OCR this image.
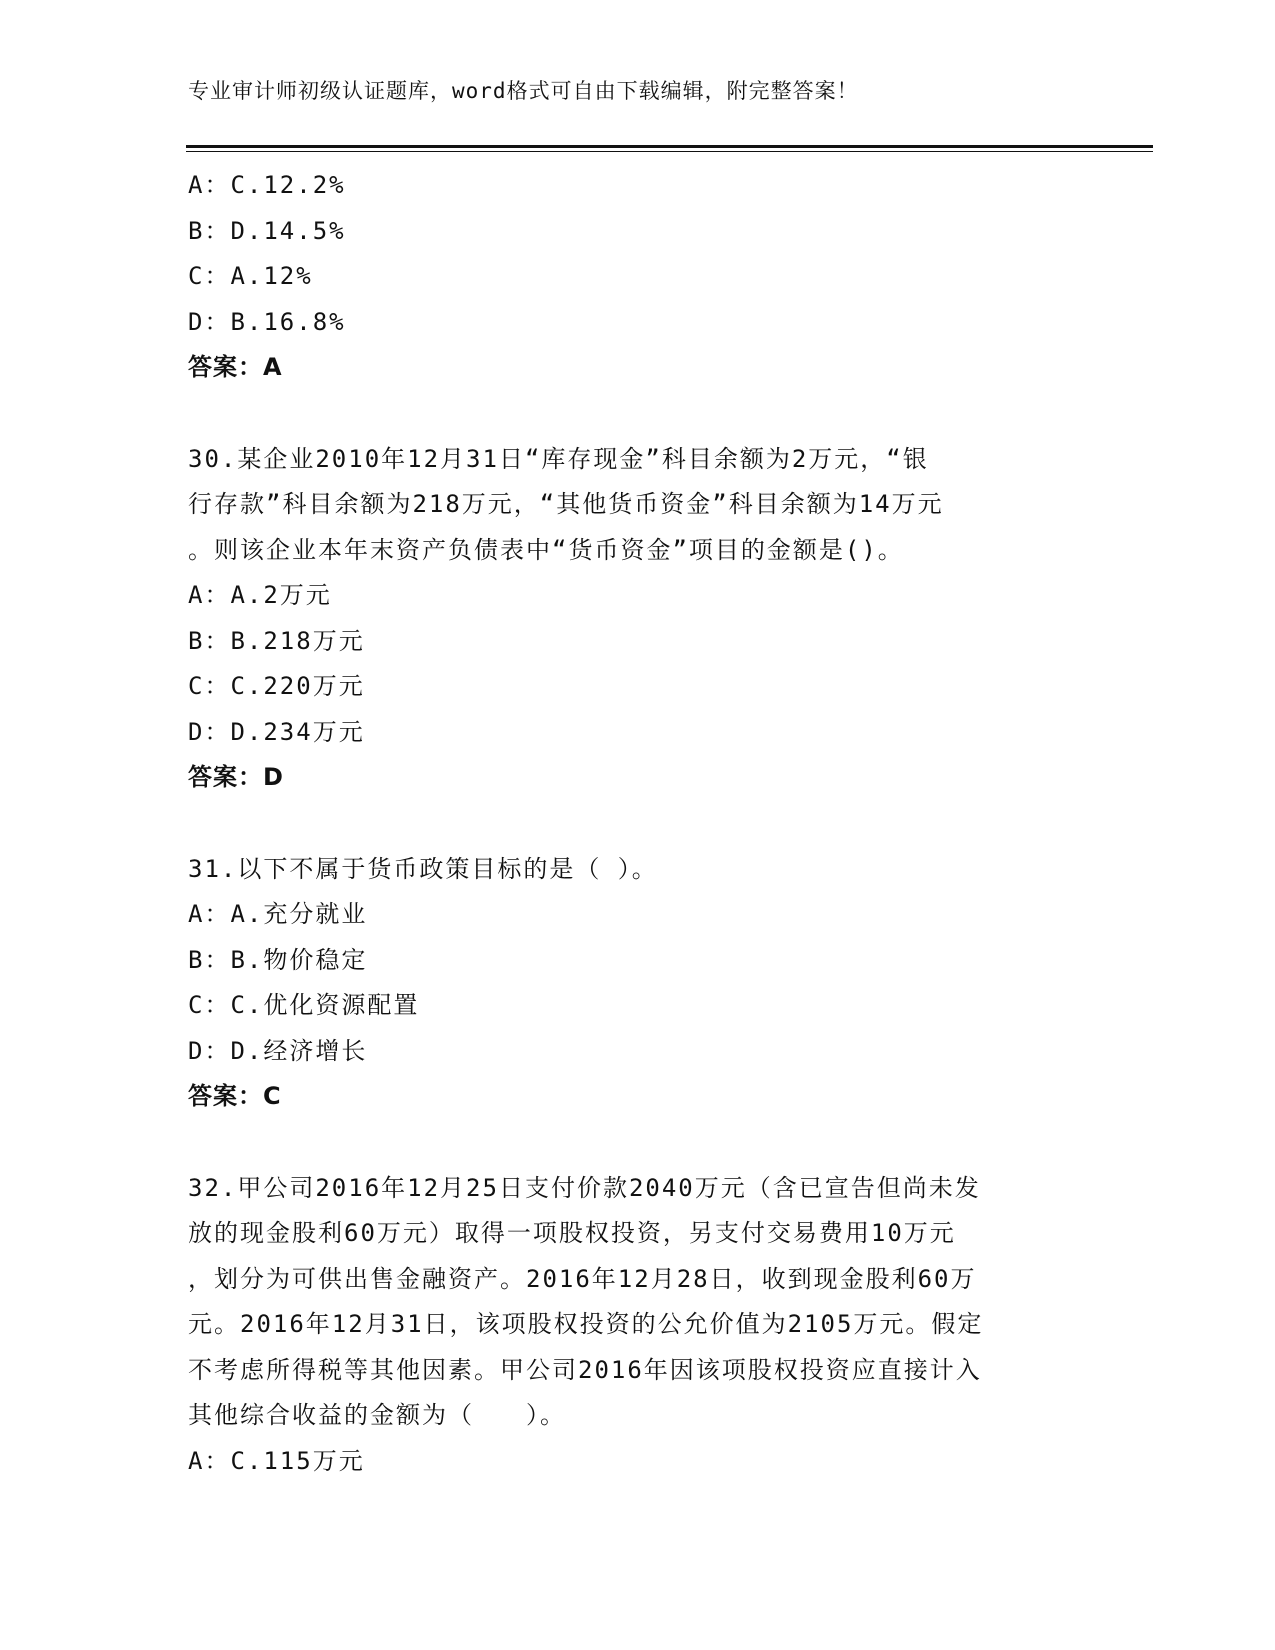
专业审计师初级认证题库，word格式可自由下载编辑，附完整答案！
A：C.12.2%
B：D.14.5%
C：A.12%
D：B.16.8%
答案：A
30.某企业2010年12月31日“库存现金”科目余额为2万元，“银
行存款”科目余额为218万元，“其他货币资金”科目余额为14万元
。则该企业本年末资产负债表中“货币资金”项目的金额是()。
A：A.2万元
B：B.218万元
C：C.220万元
D：D.234万元
答案：D
31.以下不属于货币政策目标的是（ ）。
A：A.充分就业
B：B.物价稳定
C：C.优化资源配置
D：D.经济增长
答案：C
32.甲公司2016年12月25日支付价款2040万元（含已宣告但尚未发
放的现金股利60万元）取得一项股权投资，另支付交易费用10万元
，划分为可供出售金融资产。2016年12月28日，收到现金股利60万
元。2016年12月31日，该项股权投资的公允价值为2105万元。假定
不考虑所得税等其他因素。甲公司2016年因该项股权投资应直接计入
其他综合收益的金额为（　　）。
A：C.115万元
